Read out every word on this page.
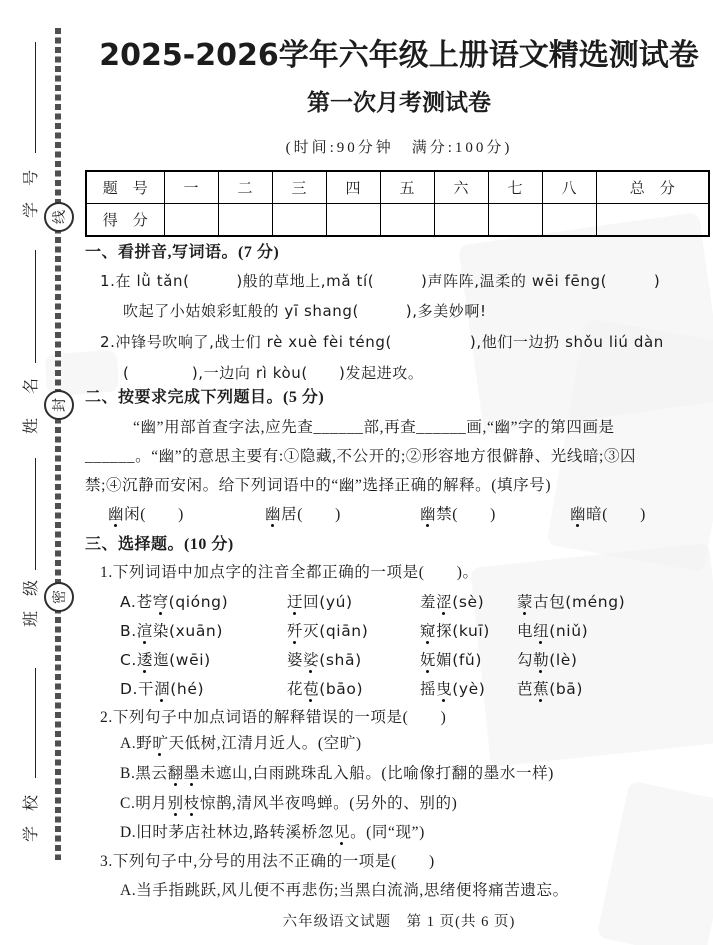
线
封
密
号
学
名
姓
级
班
校
学
2025-2026学年六年级上册语文精选测试卷
第一次月考测试卷
(时间:90分钟　满分:100分)
题　号	一	二	三	四	五	六	七	八	总　分
得　分									
一、看拼音,写词语。(7 分)
1.在 lǜ tǎn(　　　)般的草地上,mǎ tí(　　　)声阵阵,温柔的 wēi fēng(　　　)
吹起了小姑娘彩虹般的 yī shang(　　　),多美妙啊!
2.冲锋号吹响了,战士们 rè xuè fèi téng(　　　　　),他们一边扔 shǒu liú dàn
(　　　　),一边向 rì kòu(　　)发起进攻。
二、按要求完成下列题目。(5 分)
“幽”用部首查字法,应先查______部,再查______画,“幽”字的第四画是
______。“幽”的意思主要有:①隐藏,不公开的;②形容地方很僻静、光线暗;③囚
禁;④沉静而安闲。给下列词语中的“幽”选择正确的解释。(填序号)
幽闲(　　)	幽居(　　)	幽禁(　　)	幽暗(　　)
三、选择题。(10 分)
1.下列词语中加点字的注音全都正确的一项是(　　)。
A.苍穹(qióng)	迂回(yú)	羞涩(sè)	蒙古包(méng)
B.渲染(xuān)	歼灭(qiān)	窥探(kuī)	电纽(niǔ)
C.逶迤(wēi)	婆娑(shā)	妩媚(fǔ)	勾勒(lè)
D.干涸(hé)	花苞(bāo)	摇曳(yè)	芭蕉(bā)
2.下列句子中加点词语的解释错误的一项是(　　)
A.野旷天低树,江清月近人。(空旷)
B.黑云翻墨未遮山,白雨跳珠乱入船。(比喻像打翻的墨水一样)
C.明月别枝惊鹊,清风半夜鸣蝉。(另外的、别的)
D.旧时茅店社林边,路转溪桥忽见。(同“现”)
3.下列句子中,分号的用法不正确的一项是(　　)
A.当手指跳跃,风儿便不再悲伤;当黑白流淌,思绪便将痛苦遗忘。
六年级语文试题　第 1 页(共 6 页)
